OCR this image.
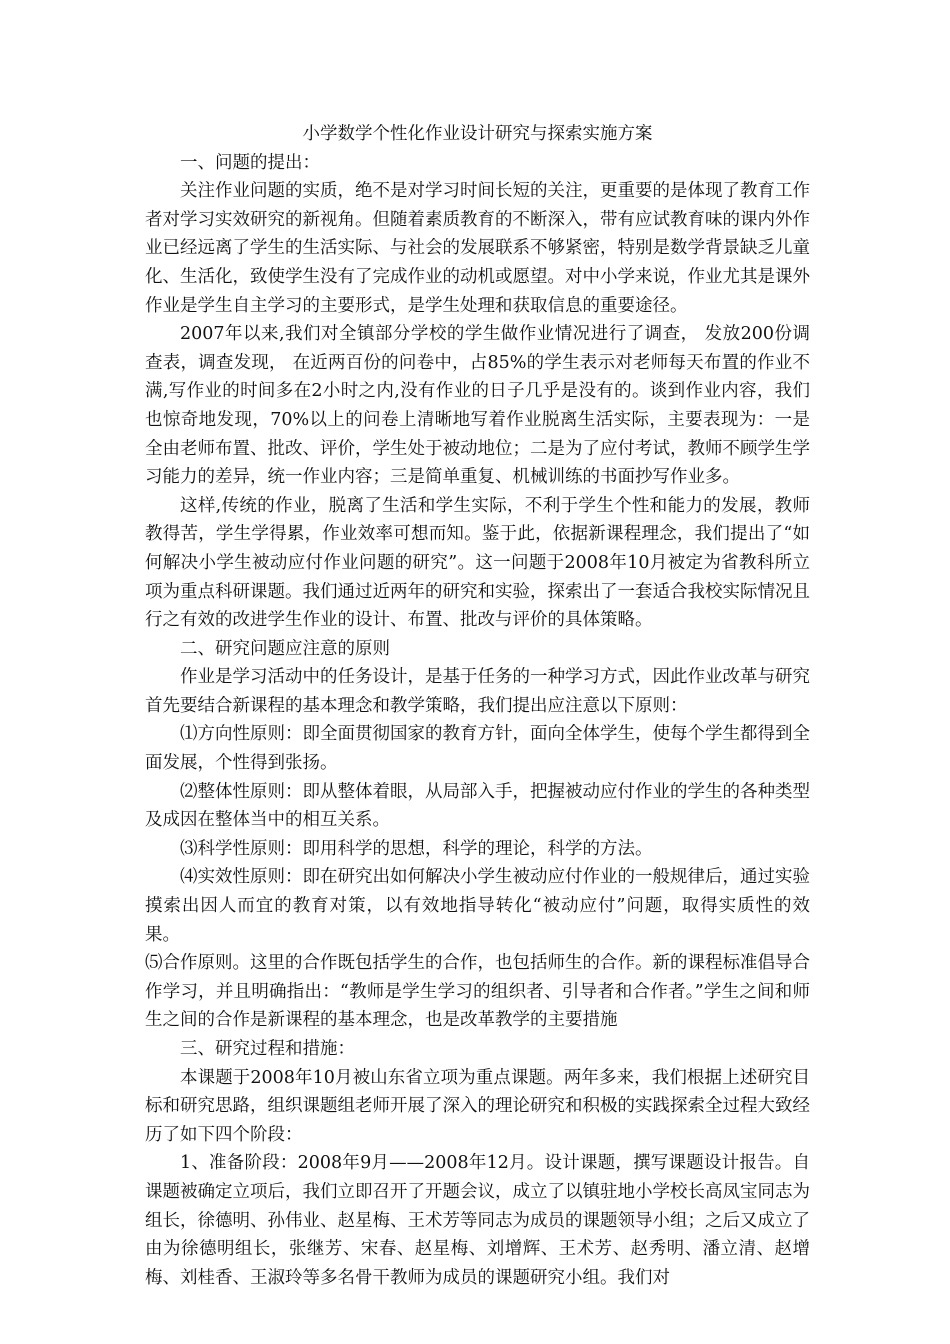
小学数学个性化作业设计研究与探索实施方案

一、问题的提出：

关注作业问题的实质，绝不是对学习时间长短的关注，更重要的是体现了教育工作者对学习实效研究的新视角。但随着素质教育的不断深入，带有应试教育味的课内外作业已经远离了学生的生活实际、与社会的发展联系不够紧密，特别是数学背景缺乏儿童化、生活化，致使学生没有了完成作业的动机或愿望。对中小学来说，作业尤其是课外作业是学生自主学习的主要形式，是学生处理和获取信息的重要途径。

2007年以来,我们对全镇部分学校的学生做作业情况进行了调查， 发放200份调查表，调查发现， 在近两百份的问卷中，占85%的学生表示对老师每天布置的作业不满,写作业的时间多在2小时之内,没有作业的日子几乎是没有的。谈到作业内容，我们也惊奇地发现，70%以上的问卷上清晰地写着作业脱离生活实际，主要表现为：一是全由老师布置、批改、评价，学生处于被动地位；二是为了应付考试，教师不顾学生学习能力的差异，统一作业内容；三是简单重复、机械训练的书面抄写作业多。

这样,传统的作业，脱离了生活和学生实际，不利于学生个性和能力的发展，教师教得苦，学生学得累，作业效率可想而知。鉴于此，依据新课程理念，我们提出了“如何解决小学生被动应付作业问题的研究”。这一问题于2008年10月被定为省教科所立项为重点科研课题。我们通过近两年的研究和实验，探索出了一套适合我校实际情况且行之有效的改进学生作业的设计、布置、批改与评价的具体策略。

二、研究问题应注意的原则

作业是学习活动中的任务设计，是基于任务的一种学习方式，因此作业改革与研究首先要结合新课程的基本理念和教学策略，我们提出应注意以下原则：

⑴方向性原则：即全面贯彻国家的教育方针，面向全体学生，使每个学生都得到全面发展，个性得到张扬。

⑵整体性原则：即从整体着眼，从局部入手，把握被动应付作业的学生的各种类型及成因在整体当中的相互关系。

⑶科学性原则：即用科学的思想，科学的理论，科学的方法。

⑷实效性原则：即在研究出如何解决小学生被动应付作业的一般规律后，通过实验摸索出因人而宜的教育对策，以有效地指导转化“被动应付”问题，取得实质性的效果。

⑸合作原则。这里的合作既包括学生的合作，也包括师生的合作。新的课程标准倡导合作学习，并且明确指出：“教师是学生学习的组织者、引导者和合作者。”学生之间和师生之间的合作是新课程的基本理念，也是改革教学的主要措施

三、研究过程和措施：

本课题于2008年10月被山东省立项为重点课题。两年多来，我们根据上述研究目标和研究思路，组织课题组老师开展了深入的理论研究和积极的实践探索全过程大致经历了如下四个阶段：

1、准备阶段：2008年9月——2008年12月。设计课题，撰写课题设计报告。自课题被确定立项后，我们立即召开了开题会议，成立了以镇驻地小学校长高凤宝同志为组长，徐德明、孙伟业、赵星梅、王术芳等同志为成员的课题领导小组；之后又成立了由为徐德明组长，张继芳、宋春、赵星梅、刘增辉、王术芳、赵秀明、潘立清、赵增梅、刘桂香、王淑玲等多名骨干教师为成员的课题研究小组。我们对
